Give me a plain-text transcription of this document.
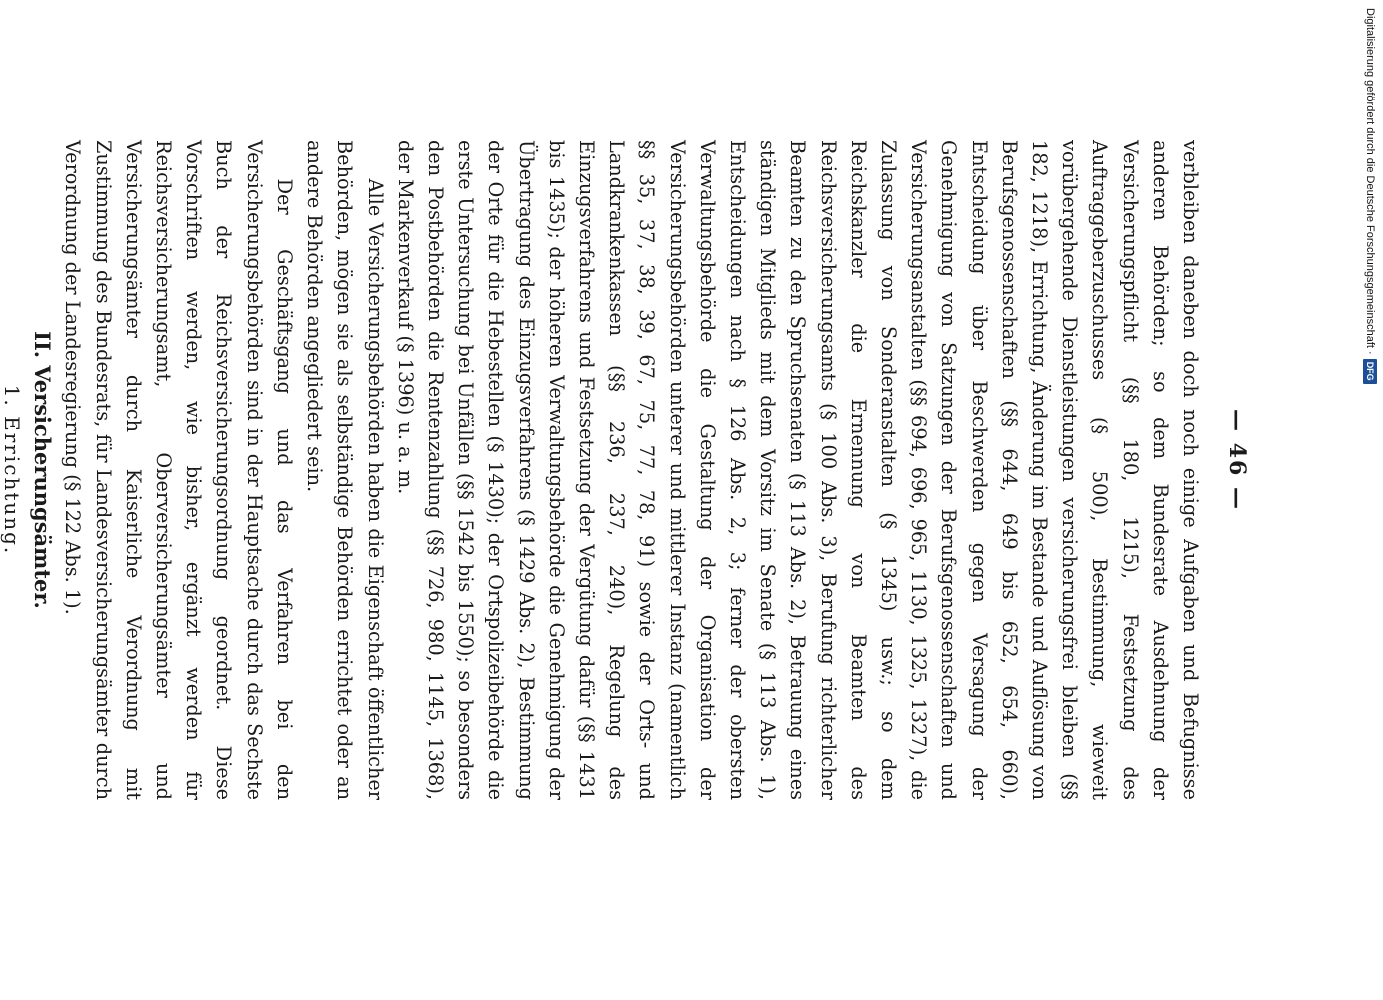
Digitalisierung gefördert durch die Deutsche Forschungsgemeinschaft ·
DFG
— 46 —

verbleiben daneben doch noch einige Aufgaben und Befugnisse anderen Behörden; so dem Bundesrate Ausdehnung der Versicherungspflicht (§§ 180, 1215), Festsetzung des Auftraggeberzuschusses (§ 500), Bestimmung, wieweit vorübergehende Dienstleistungen versicherungsfrei bleiben (§§ 182, 1218), Errichtung, Änderung im Bestande und Auflösung von Berufsgenossenschaften (§§ 644, 649 bis 652, 654, 660), Entscheidung über Beschwerden gegen Versagung der Genehmigung von Satzungen der Berufsgenossenschaften und Versicherungsanstalten (§§ 694, 696, 965, 1130, 1325, 1327), die Zulassung von Sonderanstalten (§ 1345) usw.; so dem Reichskanzler die Ernennung von Beamten des Reichsversicherungsamts (§ 100 Abs. 3), Berufung richterlicher Beamten zu den Spruchsenaten (§ 113 Abs. 2), Betrauung eines ständigen Mitglieds mit dem Vorsitz im Senate (§ 113 Abs. 1), Entscheidungen nach § 126 Abs. 2, 3; ferner der obersten Verwaltungsbehörde die Gestaltung der Organisation der Versicherungsbehörden unterer und mittlerer Instanz (namentlich §§ 35, 37, 38, 39, 67, 75, 77, 78, 91) sowie der Orts- und Landkrankenkassen (§§ 236, 237, 240), Regelung des Einzugsverfahrens und Festsetzung der Vergütung dafür (§§ 1431 bis 1435); der höheren Verwaltungsbehörde die Genehmigung der Übertragung des Einzugsverfahrens (§ 1429 Abs. 2), Bestimmung der Orte für die Hebestellen (§ 1430); der Ortspolizeibehörde die erste Untersuchung bei Unfällen (§§ 1542 bis 1550); so besonders den Postbehörden die Rentenzahlung (§§ 726, 980, 1145, 1368), der Markenverkauf (§ 1396) u. a. m.

Alle Versicherungsbehörden haben die Eigenschaft öffentlicher Behörden, mögen sie als selbständige Behörden errichtet oder an andere Behörden angegliedert sein.

Der Geschäftsgang und das Verfahren bei den Versicherungsbehörden sind in der Hauptsache durch das Sechste Buch der Reichsversicherungsordnung geordnet. Diese Vorschriften werden, wie bisher, ergänzt werden für Reichsversicherungsamt, Oberversicherungsämter und Versicherungsämter durch Kaiserliche Verordnung mit Zustimmung des Bundesrats, für Landesversicherungsämter durch Verordnung der Landesregierung (§ 122 Abs. 1).

II. Versicherungsämter.

1. Errichtung.
